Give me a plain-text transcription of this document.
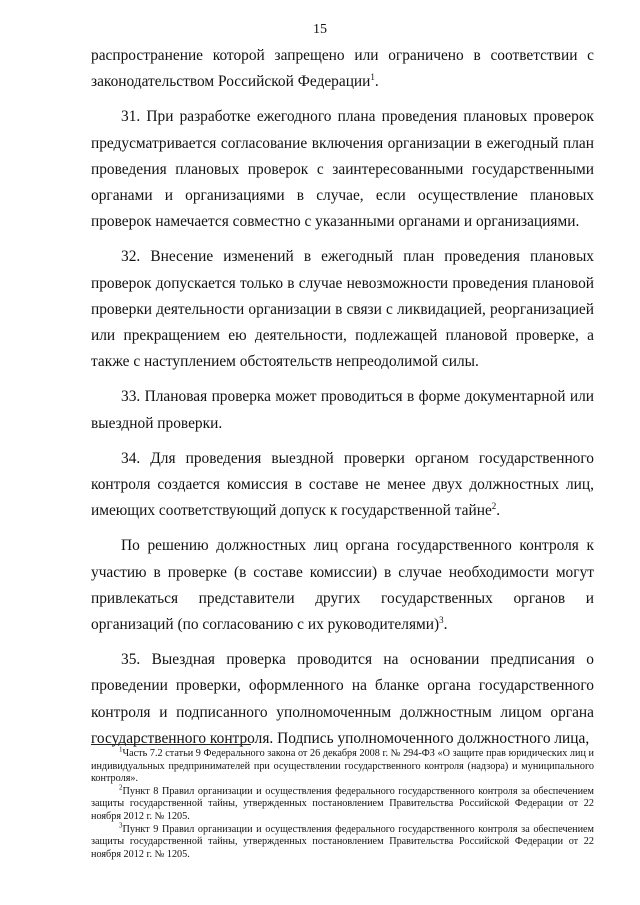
15

распространение которой запрещено или ограничено в соответствии с законодательством Российской Федерации$^1$.

31. При разработке ежегодного плана проведения плановых проверок предусматривается согласование включения организации в ежегодный план проведения плановых проверок с заинтересованными государственными органами и организациями в случае, если осуществление плановых проверок намечается совместно с указанными органами и организациями.

32. Внесение изменений в ежегодный план проведения плановых проверок допускается только в случае невозможности проведения плановой проверки деятельности организации в связи с ликвидацией, реорганизацией или прекращением ею деятельности, подлежащей плановой проверке, а также с наступлением обстоятельств непреодолимой силы.

33. Плановая проверка может проводиться в форме документарной или выездной проверки.

34. Для проведения выездной проверки органом государственного контроля создается комиссия в составе не менее двух должностных лиц, имеющих соответствующий допуск к государственной тайне$^2$.

По решению должностных лиц органа государственного контроля к участию в проверке (в составе комиссии) в случае необходимости могут привлекаться представители других государственных органов и организаций (по согласованию с их руководителями)$^3$.

35. Выездная проверка проводится на основании предписания о проведении проверки, оформленного на бланке органа государственного контроля и подписанного уполномоченным должностным лицом органа государственного контроля. Подпись уполномоченного должностного лица,

$^1$Часть 7.2 статьи 9 Федерального закона от 26 декабря 2008 г. № 294-ФЗ «О защите прав юридических лиц и индивидуальных предпринимателей при осуществлении государственного контроля (надзора) и муниципального контроля».

$^2$Пункт 8 Правил организации и осуществления федерального государственного контроля за обеспечением защиты государственной тайны, утвержденных постановлением Правительства Российской Федерации от 22 ноября 2012 г. № 1205.

$^3$Пункт 9 Правил организации и осуществления федерального государственного контроля за обеспечением защиты государственной тайны, утвержденных постановлением Правительства Российской Федерации от 22 ноября 2012 г. № 1205.
